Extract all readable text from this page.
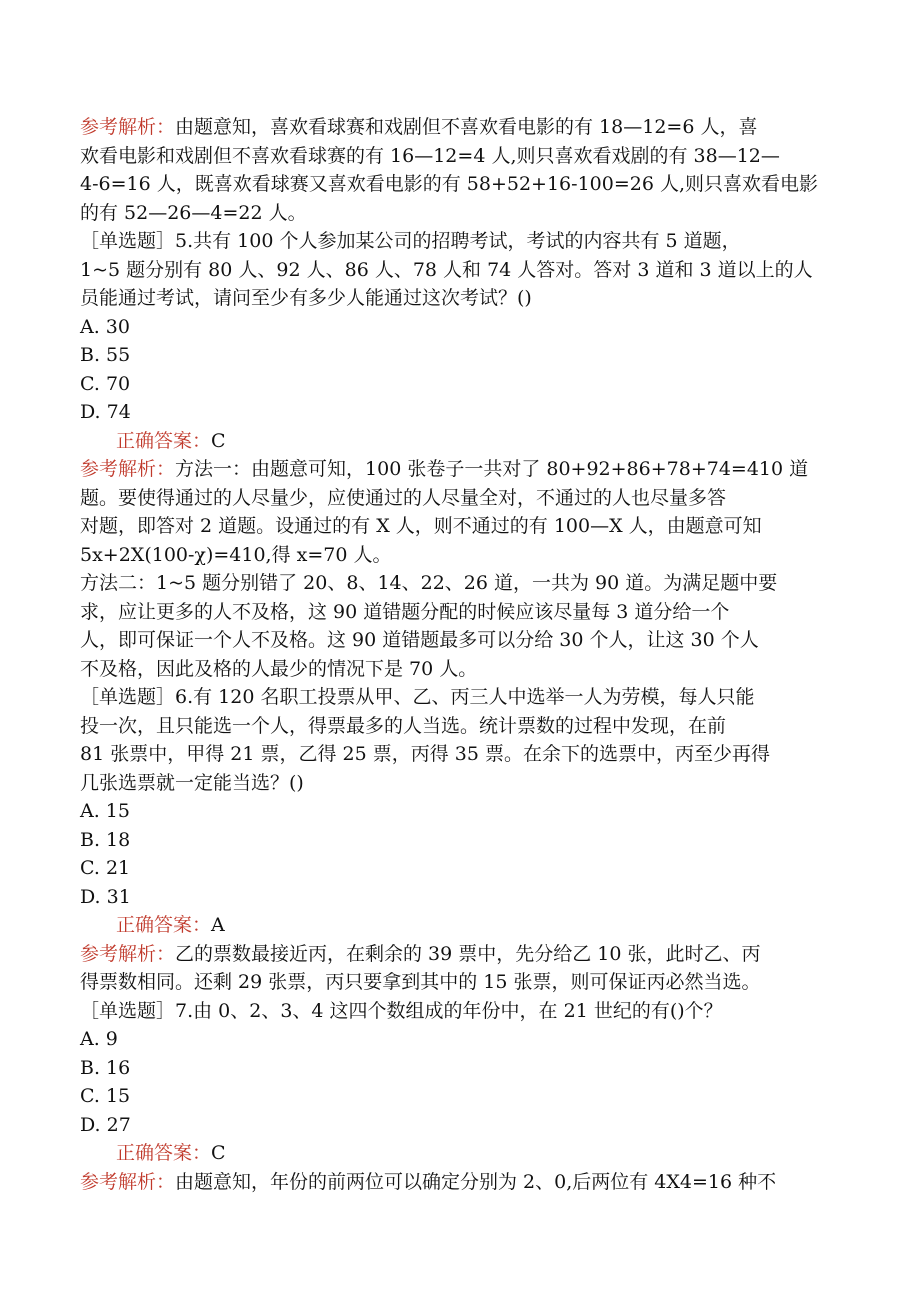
参考解析：由题意知，喜欢看球赛和戏剧但不喜欢看电影的有 18—12=6 人，喜
欢看电影和戏剧但不喜欢看球赛的有 16—12=4 人,则只喜欢看戏剧的有 38—12—
4-6=16 人，既喜欢看球赛又喜欢看电影的有 58+52+16-100=26 人,则只喜欢看电影
的有 52—26—4=22 人。
［单选题］5.共有 100 个人参加某公司的招聘考试，考试的内容共有 5 道题，
1~5 题分别有 80 人、92 人、86 人、78 人和 74 人答对。答对 3 道和 3 道以上的人
员能通过考试，请问至少有多少人能通过这次考试？()
A. 30
B. 55
C. 70
D. 74
正确答案：C
参考解析：方法一：由题意可知，100 张卷子一共对了 80+92+86+78+74=410 道
题。要使得通过的人尽量少，应使通过的人尽量全对，不通过的人也尽量多答
对题，即答对 2 道题。设通过的有 X 人，则不通过的有 100—X 人，由题意可知
5x+2X(100-χ)=410,得 x=70 人。
方法二：1~5 题分别错了 20、8、14、22、26 道，一共为 90 道。为满足题中要
求，应让更多的人不及格，这 90 道错题分配的时候应该尽量每 3 道分给一个
人，即可保证一个人不及格。这 90 道错题最多可以分给 30 个人，让这 30 个人
不及格，因此及格的人最少的情况下是 70 人。
［单选题］6.有 120 名职工投票从甲、乙、丙三人中选举一人为劳模，每人只能
投一次，且只能选一个人，得票最多的人当选。统计票数的过程中发现，在前
81 张票中，甲得 21 票，乙得 25 票，丙得 35 票。在余下的选票中，丙至少再得
几张选票就一定能当选？()
A. 15
B. 18
C. 21
D. 31
正确答案：A
参考解析：乙的票数最接近丙，在剩余的 39 票中，先分给乙 10 张，此时乙、丙
得票数相同。还剩 29 张票，丙只要拿到其中的 15 张票，则可保证丙必然当选。
［单选题］7.由 0、2、3、4 这四个数组成的年份中，在 21 世纪的有()个？
A. 9
B. 16
C. 15
D. 27
正确答案：C
参考解析：由题意知，年份的前两位可以确定分别为 2、0,后两位有 4X4=16 种不
